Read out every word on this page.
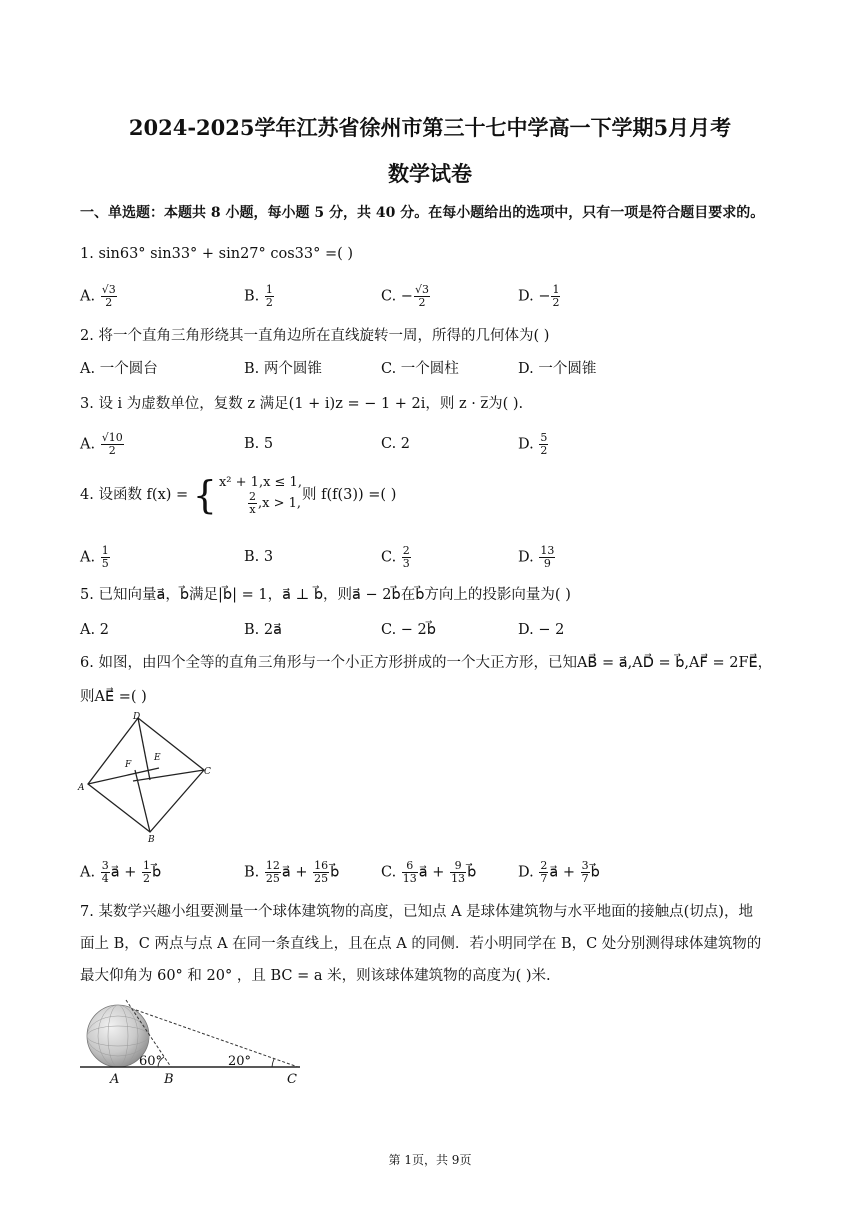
2024-2025学年江苏省徐州市第三十七中学高一下学期5月月考
数学试卷
一、单选题：本题共 8 小题，每小题 5 分，共 40 分。在每小题给出的选项中，只有一项是符合题目要求的。
1. sin63° sin33° + sin27° cos33° =( )
A. $\frac{√3}{2}$	B. $\frac{1}{2}$	C. − $\frac{√3}{2}$	D. − $\frac{1}{2}$
2. 将一个直角三角形绕其一直角边所在直线旋转一周，所得的几何体为( )
A. 一个圆台	B. 两个圆锥	C. 一个圆柱	D. 一个圆锥
3. 设 i 为虚数单位，复数 z 满足(1 + i)z = − 1 + 2i，则 z · z̅为( ).
A. $\frac{√10}{2}$	B. 5	C. 2	D. $\frac{5}{2}$
4. 设函数 f(x) = { x² + 1,x ≤ 1,
$\frac{2}{x} ,x > 1$,
则 f(f(3)) =( )
A. $\frac{1}{5}$	B. 3	C. $\frac{2}{3}$	D. $\frac{13}{9}$
5. 已知向量a⃗，b⃗满足|b⃗| = 1，a⃗ ⊥ b⃗，则a⃗ − 2b⃗在b⃗方向上的投影向量为( )
A. 2	B. 2a⃗	C. − 2b⃗	D. − 2
6. 如图，由四个全等的直角三角形与一个小正方形拼成的一个大正方形，已知AB⃗ = a⃗,AD⃗ = b⃗,AF⃗ = 2FE⃗，
则AE⃗ =( )
D
E
F
C
A
B
A. $\frac{3}{4}$ a⃗ + $\frac{1}{2}$ b⃗	B. $\frac{12}{25}$ a⃗ + $\frac{16}{25}$ b⃗	C. $\frac{6}{13}$ a⃗ + $\frac{9}{13}$ b⃗	D. $\frac{2}{7}$ a⃗ + $\frac{3}{7}$ b⃗
7. 某数学兴趣小组要测量一个球体建筑物的高度，已知点 A 是球体建筑物与水平地面的接触点(切点)，地
面上 B，C 两点与点 A 在同一条直线上，且在点 A 的同侧．若小明同学在 B，C 处分别测得球体建筑物的
最大仰角为 60° 和 20° ，且 BC = a 米，则该球体建筑物的高度为( )米.
60°	20°
A	B	C
第 1页，共 9页
